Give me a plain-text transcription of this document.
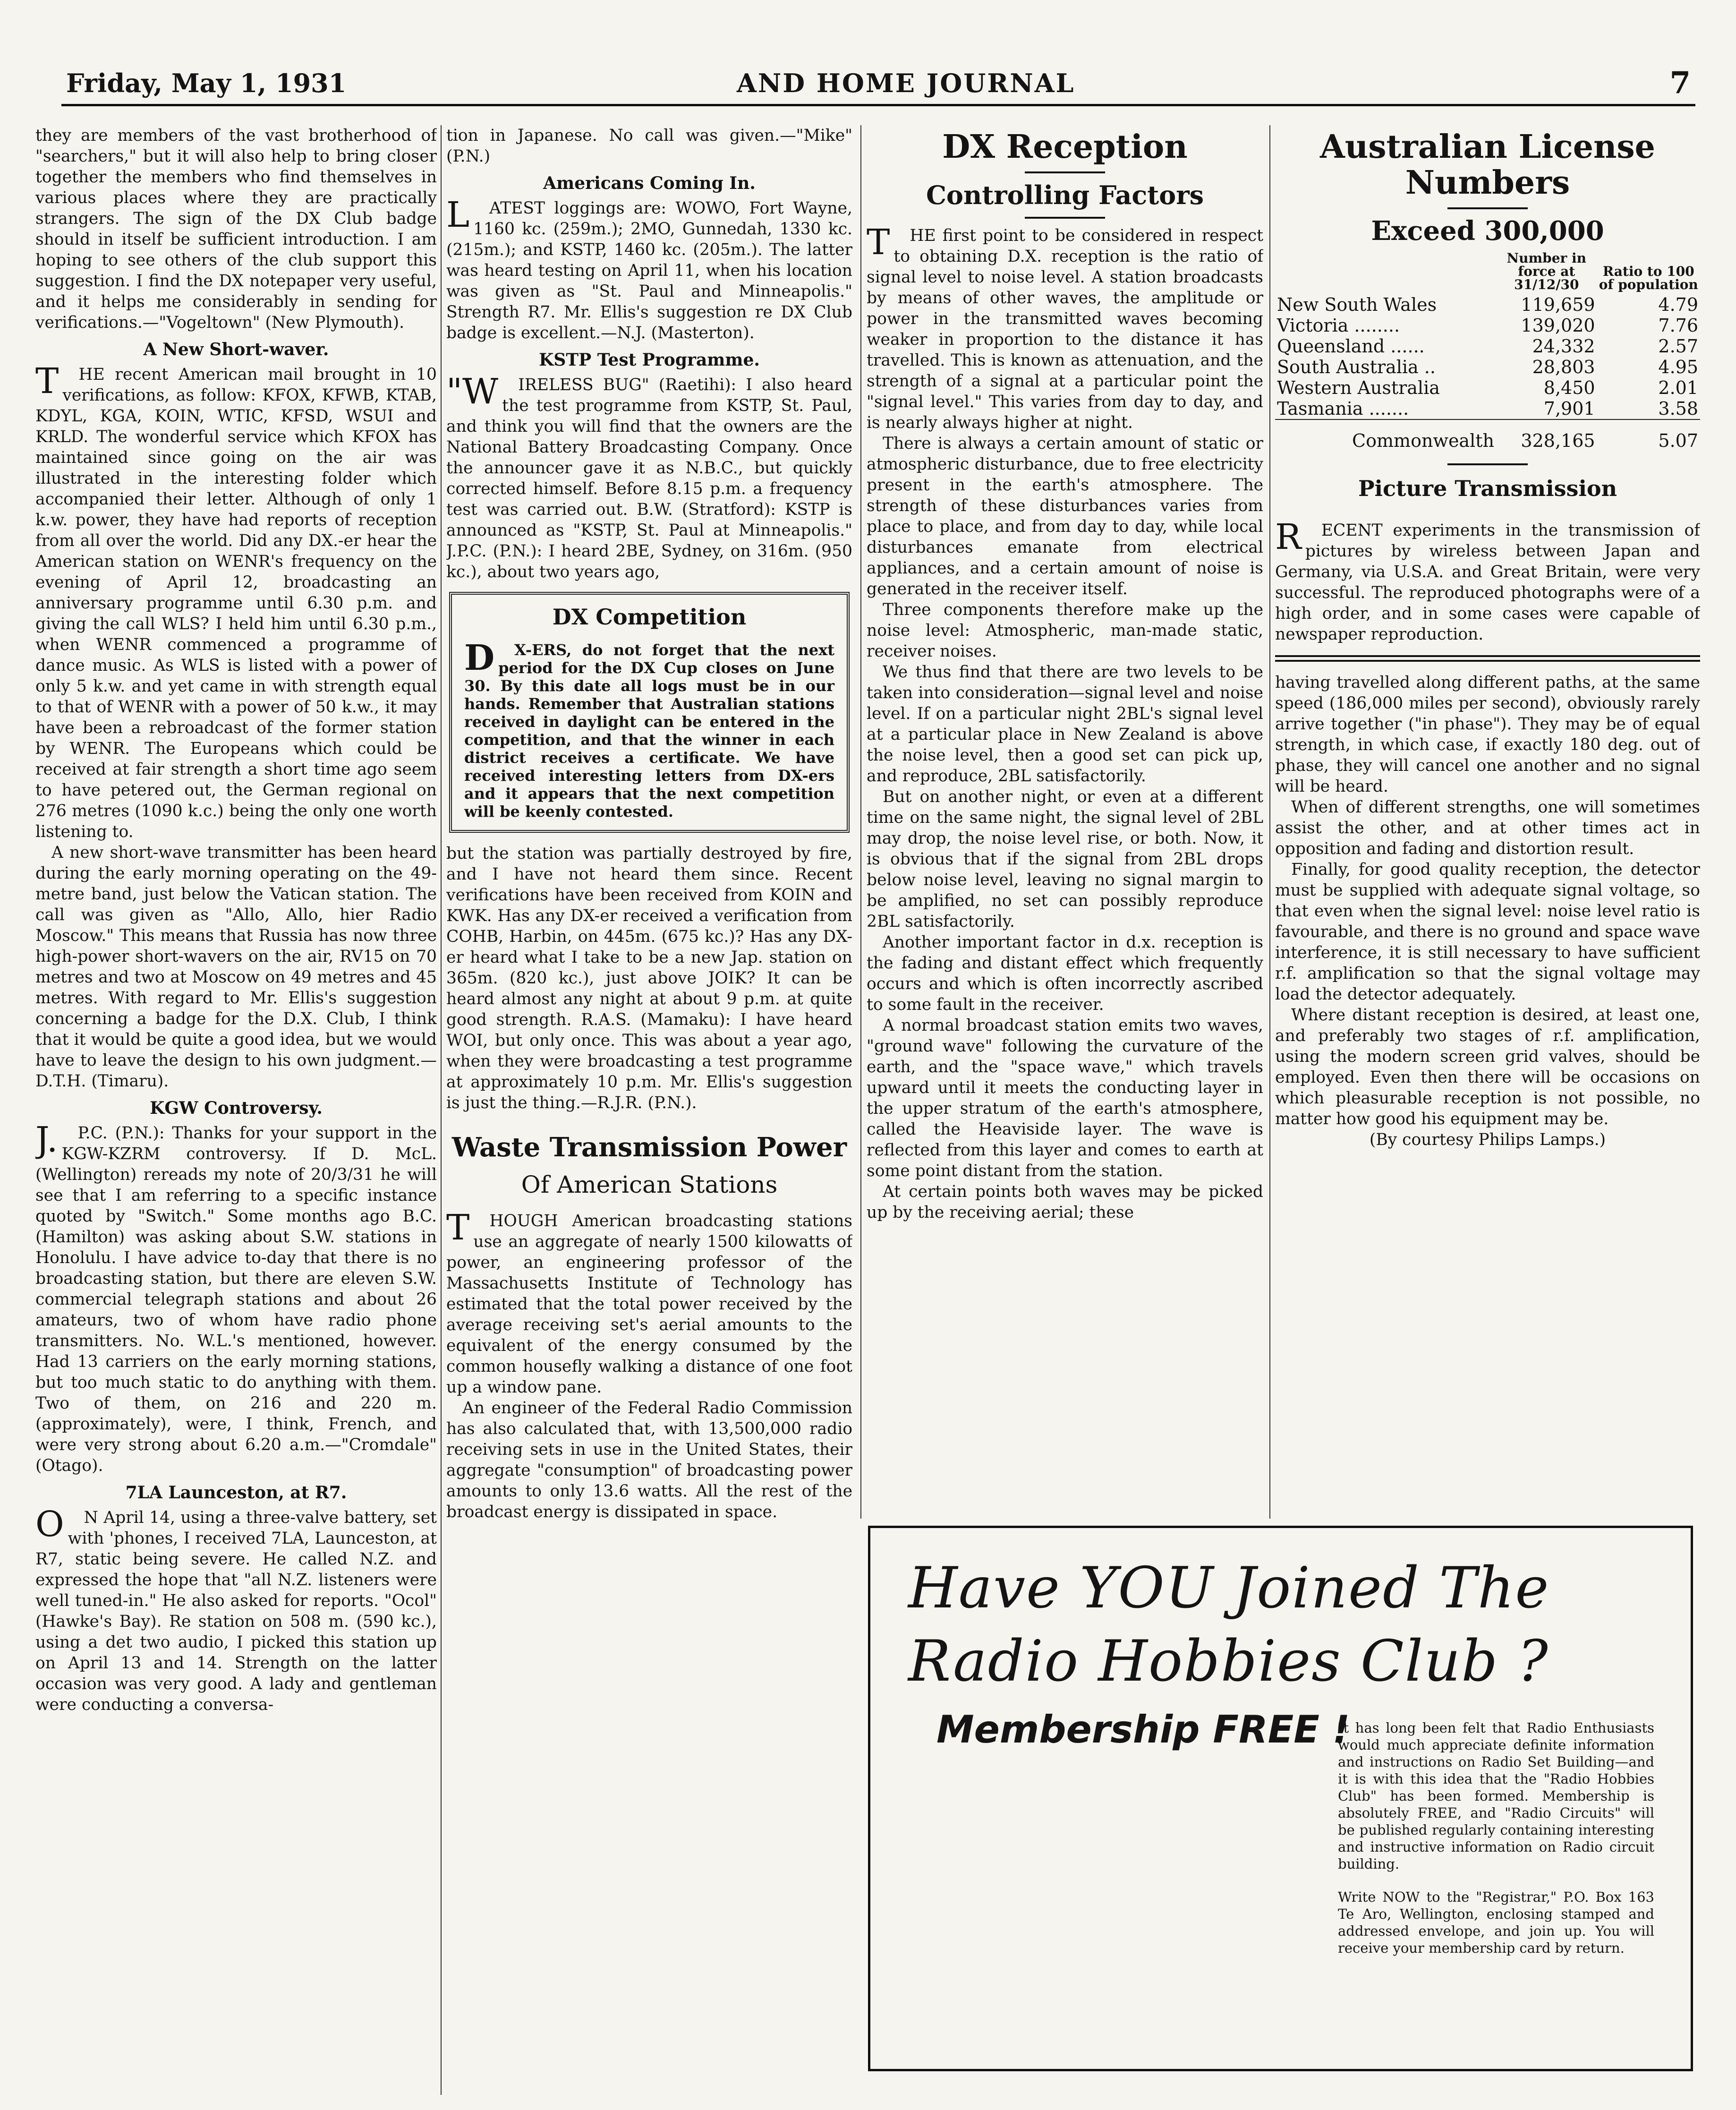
Friday, May 1, 1931	AND HOME JOURNAL	7

they are members of the vast brotherhood of "searchers," but it will also help to bring closer together the members who find themselves in various places where they are practically strangers. The sign of the DX Club badge should in itself be sufficient introduction. I am hoping to see others of the club support this suggestion. I find the DX notepaper very useful, and it helps me considerably in sending for verifications.—"Vogeltown" (New Plymouth).

A New Short-waver.

THE recent American mail brought in 10 verifications, as follow: KFOX, KFWB, KTAB, KDYL, KGA, KOIN, WTIC, KFSD, WSUI and KRLD. The wonderful service which KFOX has maintained since going on the air was illustrated in the interesting folder which accompanied their letter. Although of only 1 k.w. power, they have had reports of reception from all over the world. Did any DX.-er hear the American station on WENR's frequency on the evening of April 12, broadcasting an anniversary programme until 6.30 p.m. and giving the call WLS? I held him until 6.30 p.m., when WENR commenced a programme of dance music. As WLS is listed with a power of only 5 k.w. and yet came in with strength equal to that of WENR with a power of 50 k.w., it may have been a rebroadcast of the former station by WENR. The Europeans which could be received at fair strength a short time ago seem to have petered out, the German regional on 276 metres (1090 k.c.) being the only one worth listening to.

A new short-wave transmitter has been heard during the early morning operating on the 49-metre band, just below the Vatican station. The call was given as "Allo, Allo, hier Radio Moscow." This means that Russia has now three high-power short-wavers on the air, RV15 on 70 metres and two at Moscow on 49 metres and 45 metres. With regard to Mr. Ellis's suggestion concerning a badge for the D.X. Club, I think that it would be quite a good idea, but we would have to leave the design to his own judgment.—D.T.H. (Timaru).

KGW Controversy.

J.P.C. (P.N.): Thanks for your support in the KGW-KZRM controversy. If D. McL. (Wellington) rereads my note of 20/3/31 he will see that I am referring to a specific instance quoted by "Switch." Some months ago B.C. (Hamilton) was asking about S.W. stations in Honolulu. I have advice to-day that there is no broadcasting station, but there are eleven S.W. commercial telegraph stations and about 26 amateurs, two of whom have radio phone transmitters. No. W.L.'s mentioned, however. Had 13 carriers on the early morning stations, but too much static to do anything with them. Two of them, on 216 and 220 m. (approximately), were, I think, French, and were very strong about 6.20 a.m.—"Cromdale" (Otago).

7LA Launceston, at R7.

ON April 14, using a three-valve battery, set with 'phones, I received 7LA, Launceston, at R7, static being severe. He called N.Z. and expressed the hope that "all N.Z. listeners were well tuned-in." He also asked for reports. "Ocol" (Hawke's Bay). Re station on 508 m. (590 kc.), using a det two audio, I picked this station up on April 13 and 14. Strength on the latter occasion was very good. A lady and gentleman were conducting a conversa-

tion in Japanese. No call was given.—"Mike" (P.N.)

Americans Coming In.

LATEST loggings are: WOWO, Fort Wayne, 1160 kc. (259m.); 2MO, Gunnedah, 1330 kc. (215m.); and KSTP, 1460 kc. (205m.). The latter was heard testing on April 11, when his location was given as "St. Paul and Minneapolis." Strength R7. Mr. Ellis's suggestion re DX Club badge is excellent.—N.J. (Masterton).

KSTP Test Programme.

"WIRELESS BUG" (Raetihi): I also heard the test programme from KSTP, St. Paul, and think you will find that the owners are the National Battery Broadcasting Company. Once the announcer gave it as N.B.C., but quickly corrected himself. Before 8.15 p.m. a frequency test was carried out. B.W. (Stratford): KSTP is announced as "KSTP, St. Paul at Minneapolis." J.P.C. (P.N.): I heard 2BE, Sydney, on 316m. (950 kc.), about two years ago,

DX Competition

DX-ERS, do not forget that the next period for the DX Cup closes on June 30. By this date all logs must be in our hands. Remember that Australian stations received in daylight can be entered in the competition, and that the winner in each district receives a certificate. We have received interesting letters from DX-ers and it appears that the next competition will be keenly contested.

but the station was partially destroyed by fire, and I have not heard them since. Recent verifications have been received from KOIN and KWK. Has any DX-er received a verification from COHB, Harbin, on 445m. (675 kc.)? Has any DX-er heard what I take to be a new Jap. station on 365m. (820 kc.), just above JOIK? It can be heard almost any night at about 9 p.m. at quite good strength. R.A.S. (Mamaku): I have heard WOI, but only once. This was about a year ago, when they were broadcasting a test programme at approximately 10 p.m. Mr. Ellis's suggestion is just the thing.—R.J.R. (P.N.).

Waste Transmission Power
Of American Stations

THOUGH American broadcasting stations use an aggregate of nearly 1500 kilowatts of power, an engineering professor of the Massachusetts Institute of Technology has estimated that the total power received by the average receiving set's aerial amounts to the equivalent of the energy consumed by the common housefly walking a distance of one foot up a window pane.

An engineer of the Federal Radio Commission has also calculated that, with 13,500,000 radio receiving sets in use in the United States, their aggregate "consumption" of broadcasting power amounts to only 13.6 watts. All the rest of the broadcast energy is dissipated in space.

DX Reception
Controlling Factors

THE first point to be considered in respect to obtaining D.X. reception is the ratio of signal level to noise level. A station broadcasts by means of other waves, the amplitude or power in the transmitted waves becoming weaker in proportion to the distance it has travelled. This is known as attenuation, and the strength of a signal at a particular point the "signal level." This varies from day to day, and is nearly always higher at night.

There is always a certain amount of static or atmospheric disturbance, due to free electricity present in the earth's atmosphere. The strength of these disturbances varies from place to place, and from day to day, while local disturbances emanate from electrical appliances, and a certain amount of noise is generated in the receiver itself.

Three components therefore make up the noise level: Atmospheric, man-made static, receiver noises.

We thus find that there are two levels to be taken into consideration—signal level and noise level. If on a particular night 2BL's signal level at a particular place in New Zealand is above the noise level, then a good set can pick up, and reproduce, 2BL satisfactorily.

But on another night, or even at a different time on the same night, the signal level of 2BL may drop, the noise level rise, or both. Now, it is obvious that if the signal from 2BL drops below noise level, leaving no signal margin to be amplified, no set can possibly reproduce 2BL satisfactorily.

Another important factor in d.x. reception is the fading and distant effect which frequently occurs and which is often incorrectly ascribed to some fault in the receiver.

A normal broadcast station emits two waves, "ground wave" following the curvature of the earth, and the "space wave," which travels upward until it meets the conducting layer in the upper stratum of the earth's atmosphere, called the Heaviside layer. The wave is reflected from this layer and comes to earth at some point distant from the station.

At certain points both waves may be picked up by the receiving aerial; these

Australian License Numbers
Exceed 300,000
	Number in force at 31/12/30	Ratio to 100 of population
New South Wales	119,659	4.79
Victoria ........	139,020	7.76
Queensland ......	24,332	2.57
South Australia ..	28,803	4.95
Western Australia	8,450	2.01
Tasmania .......	7,901	3.58
Commonwealth	328,165	5.07
Picture Transmission

RECENT experiments in the transmission of pictures by wireless between Japan and Germany, via U.S.A. and Great Britain, were very successful. The reproduced photographs were of a high order, and in some cases were capable of newspaper reproduction.

having travelled along different paths, at the same speed (186,000 miles per second), obviously rarely arrive together ("in phase"). They may be of equal strength, in which case, if exactly 180 deg. out of phase, they will cancel one another and no signal will be heard.

When of different strengths, one will sometimes assist the other, and at other times act in opposition and fading and distortion result.

Finally, for good quality reception, the detector must be supplied with adequate signal voltage, so that even when the signal level: noise level ratio is favourable, and there is no ground and space wave interference, it is still necessary to have sufficient r.f. amplification so that the signal voltage may load the detector adequately.

Where distant reception is desired, at least one, and preferably two stages of r.f. amplification, using the modern screen grid valves, should be employed. Even then there will be occasions on which pleasurable reception is not possible, no matter how good his equipment may be.

(By courtesy Philips Lamps.)

Have YOU Joined The Radio Hobbies Club ?
Membership FREE !

It has long been felt that Radio Enthusiasts would much appreciate definite information and instructions on Radio Set Building—and it is with this idea that the "Radio Hobbies Club" has been formed. Membership is absolutely FREE, and "Radio Circuits" will be published regularly containing interesting and instructive information on Radio circuit building.

Write NOW to the "Registrar," P.O. Box 163 Te Aro, Wellington, enclosing stamped and addressed envelope, and join up. You will receive your membership card by return.
